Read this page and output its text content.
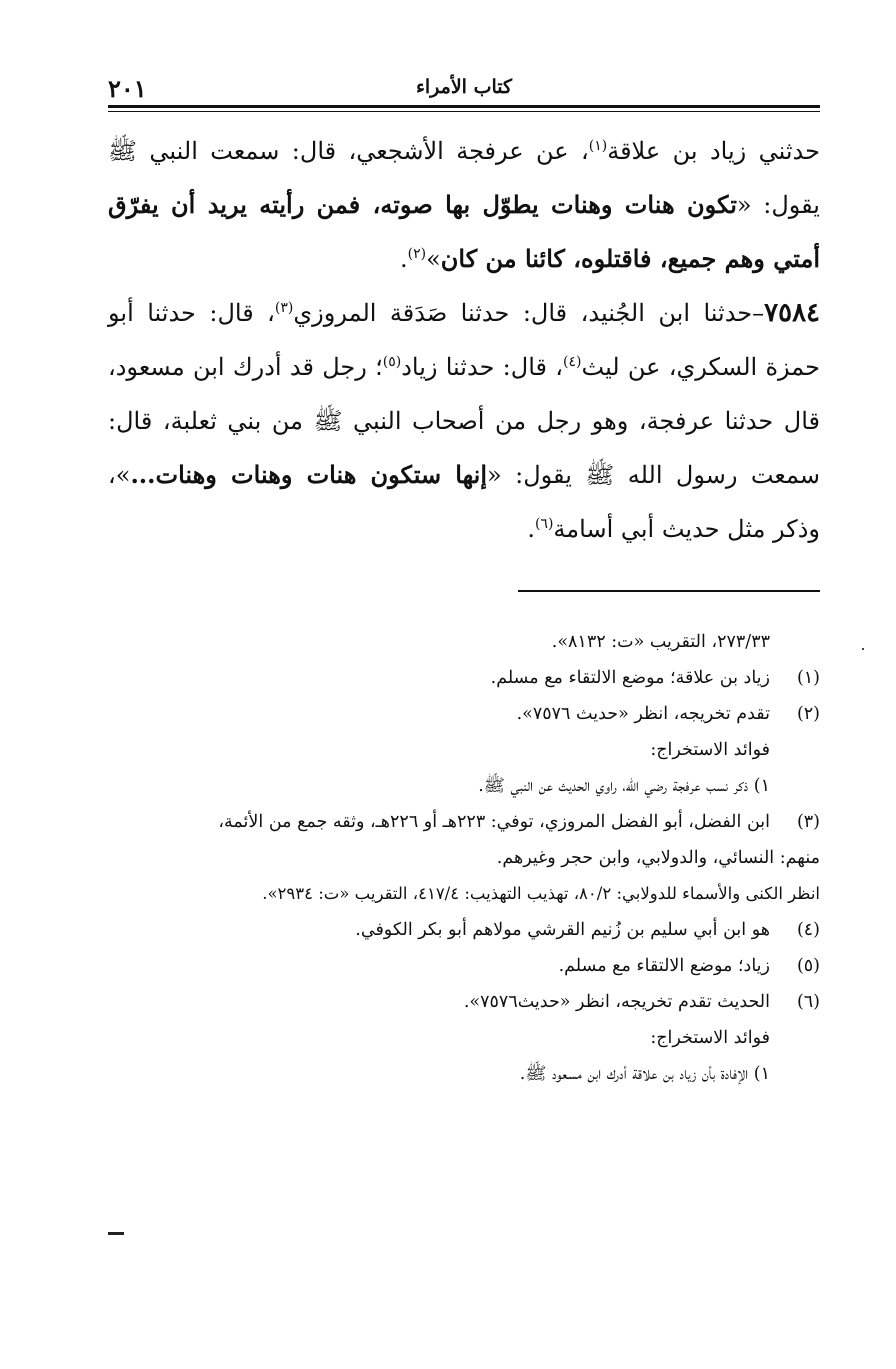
٢٠١	كتاب الأمراء

حدثني زياد بن علاقة$^{(١)}$، عن عرفجة الأشجعي، قال: سمعت النبي ﷺ يقول: «تكون هنات وهنات يطوّل بها صوته، فمن رأيته يريد أن يفرّق أمتي وهم جميع، فاقتلوه، كائنا من كان»$^{(٢)}$.

٧٥٨٤–حدثنا ابن الجُنيد، قال: حدثنا صَدَقة المروزي$^{(٣)}$، قال: حدثنا أبو حمزة السكري، عن ليث$^{(٤)}$، قال: حدثنا زياد$^{(٥)}$؛ رجل قد أدرك ابن مسعود، قال حدثنا عرفجة، وهو رجل من أصحاب النبي ﷺ من بني ثعلبة، قال: سمعت رسول الله ﷺ يقول: «إنها ستكون هنات وهنات وهنات...»، وذكر مثل حديث أبي أسامة$^{(٦)}$.

٢٧٣/٣٣، التقريب «ت: ٨١٣٢».
(١)
زياد بن علاقة؛ موضع الالتقاء مع مسلم.
(٢)
تقدم تخريجه، انظر «حديث ٧٥٧٦».
فوائد الاستخراج:
١) ذكر نسب عرفجة رضي الله، راوي الحديث عن النبي ﷺ.
(٣)
ابن الفضل، أبو الفضل المروزي، توفي: ٢٢٣هـ أو ٢٢٦هـ، وثقه جمع من الأئمة،
منهم: النسائي، والدولابي، وابن حجر وغيرهم.
انظر الكنى والأسماء للدولابي: ٨٠/٢، تهذيب التهذيب: ٤١٧/٤، التقريب «ت: ٢٩٣٤».
(٤)
هو ابن أبي سليم بن زُنيم القرشي مولاهم أبو بكر الكوفي.
(٥)
زياد؛ موضع الالتقاء مع مسلم.
(٦)
الحديث تقدم تخريجه، انظر «حديث٧٥٧٦».
فوائد الاستخراج:
١) الإفادة بأن زياد بن علاقة أدرك ابن مسعود ﷺ.
